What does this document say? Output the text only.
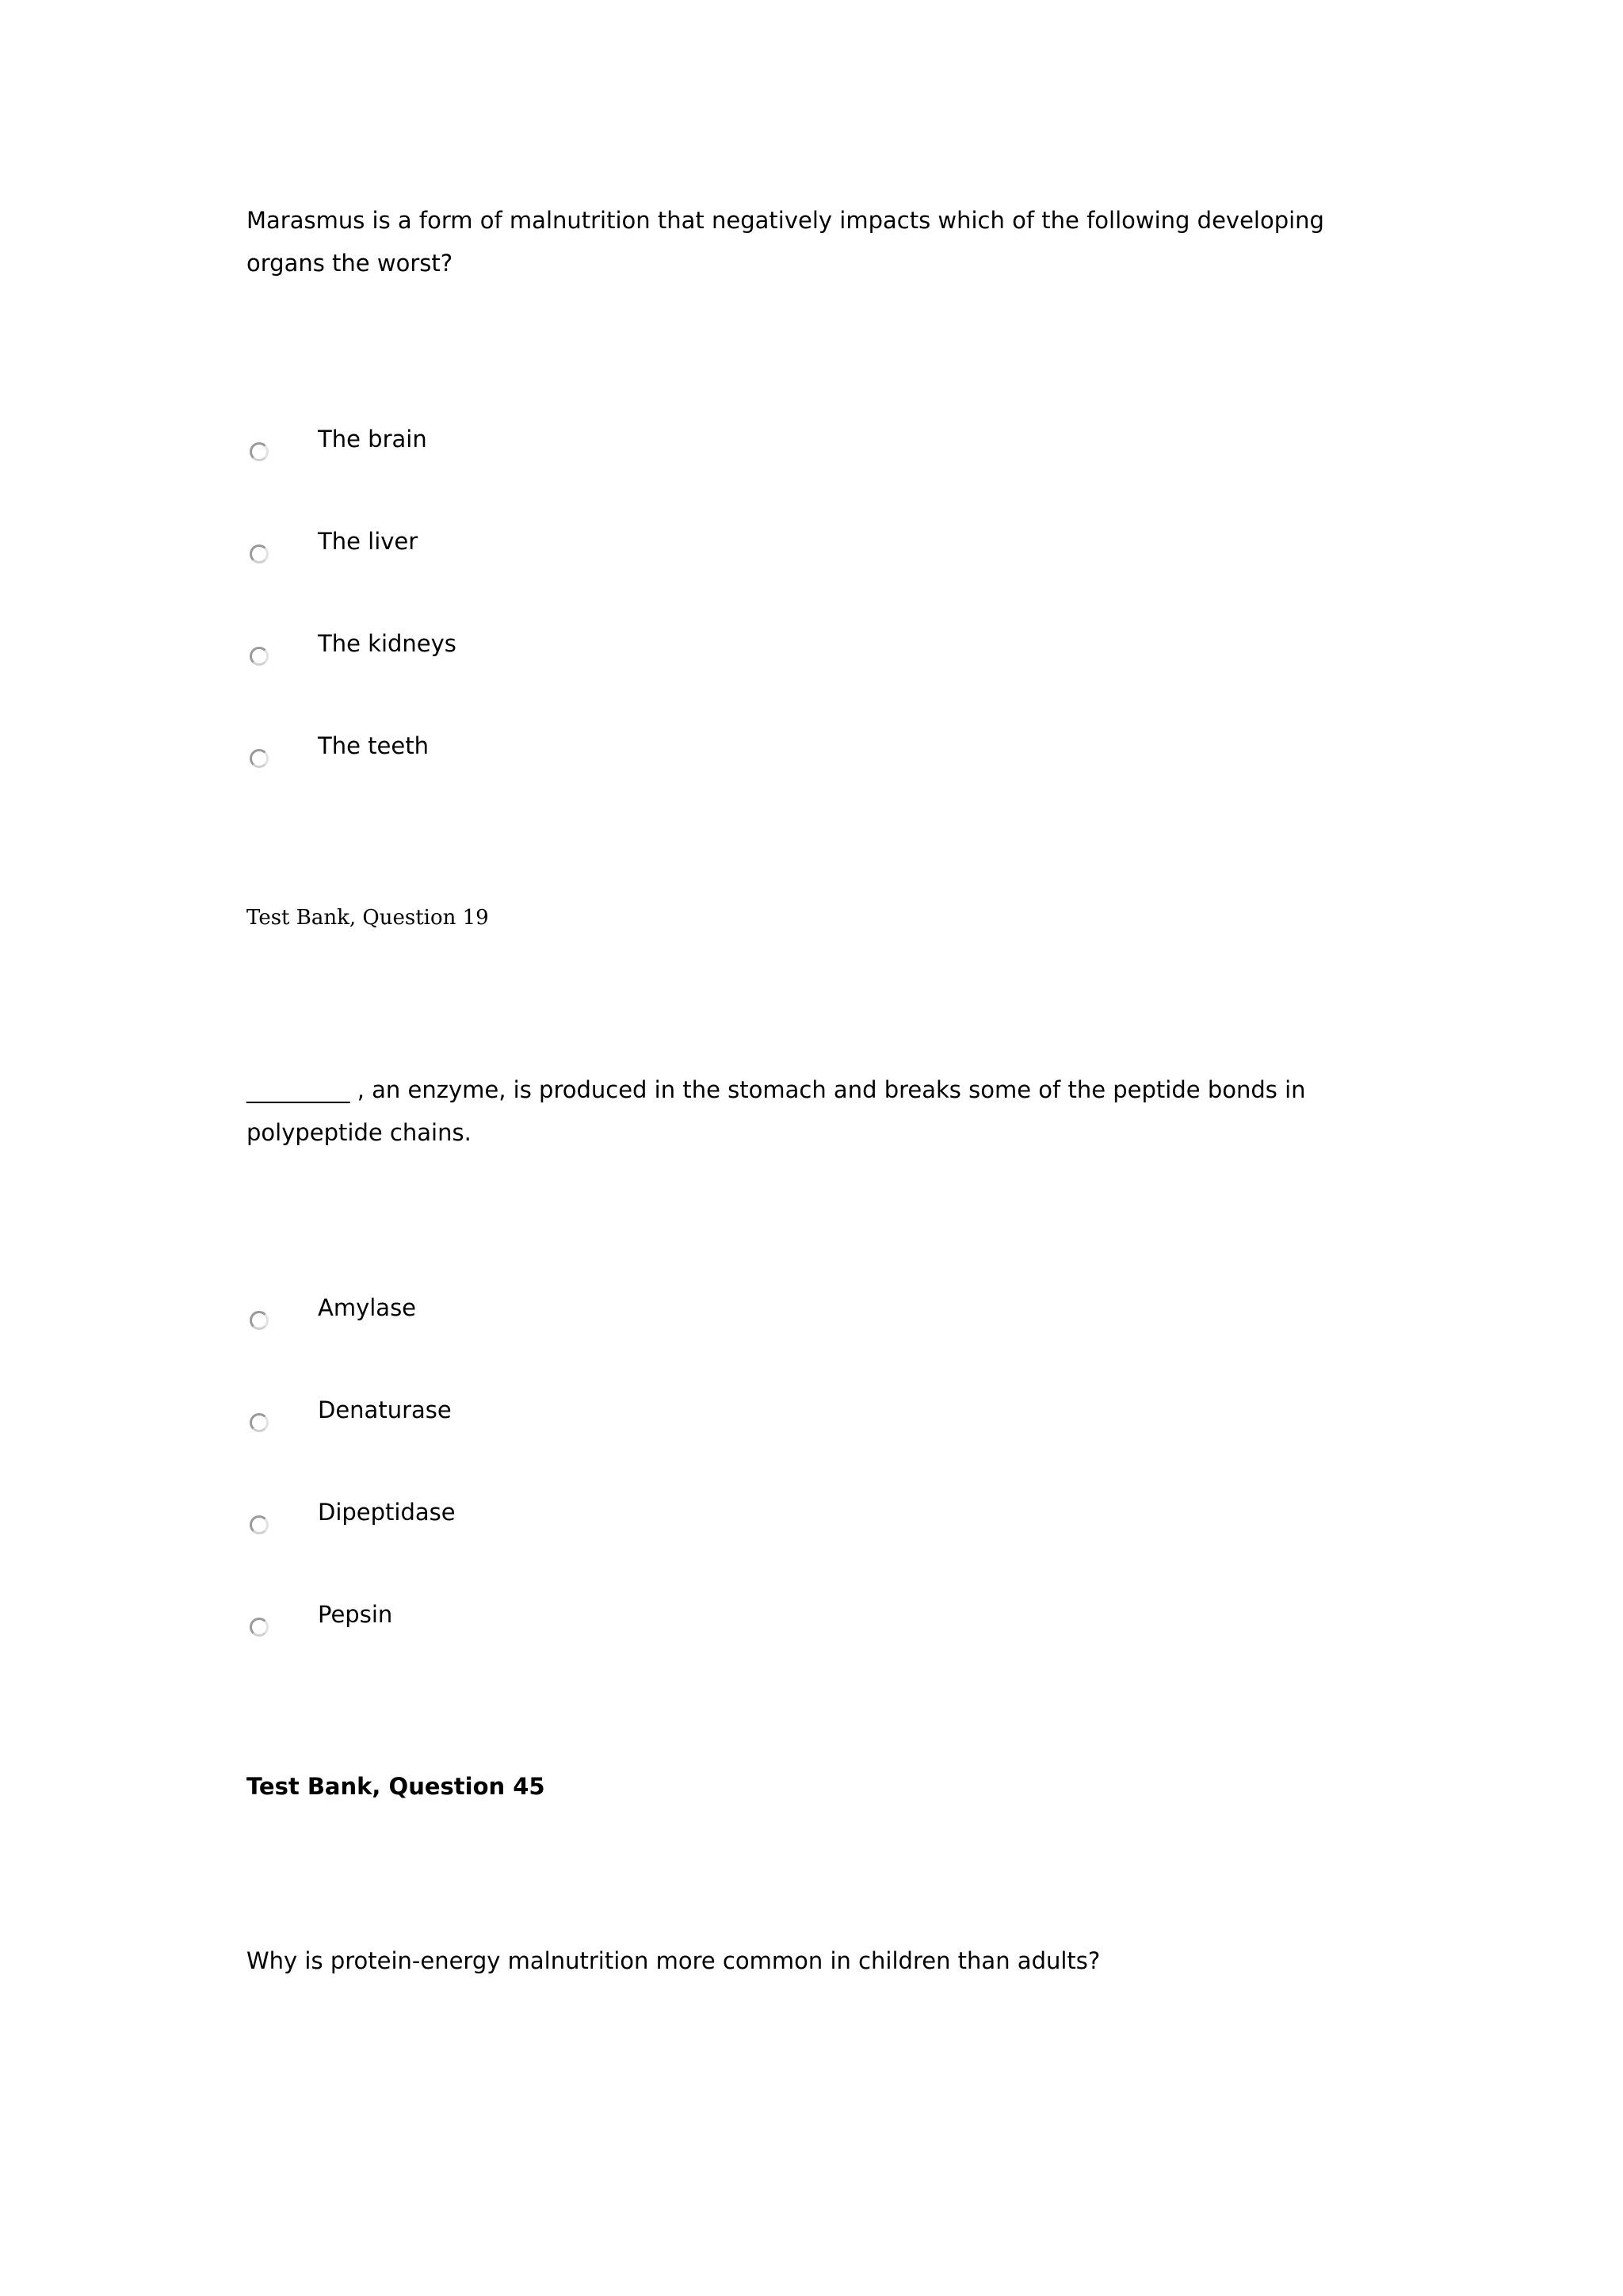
Marasmus is a form of malnutrition that negatively impacts which of the following developing organs the worst?

The brain
The liver
The kidneys
The teeth
Test Bank, Question 19

_________ , an enzyme, is produced in the stomach and breaks some of the peptide bonds in polypeptide chains.

Amylase
Denaturase
Dipeptidase
Pepsin
Test Bank, Question 45

Why is protein-energy malnutrition more common in children than adults?
